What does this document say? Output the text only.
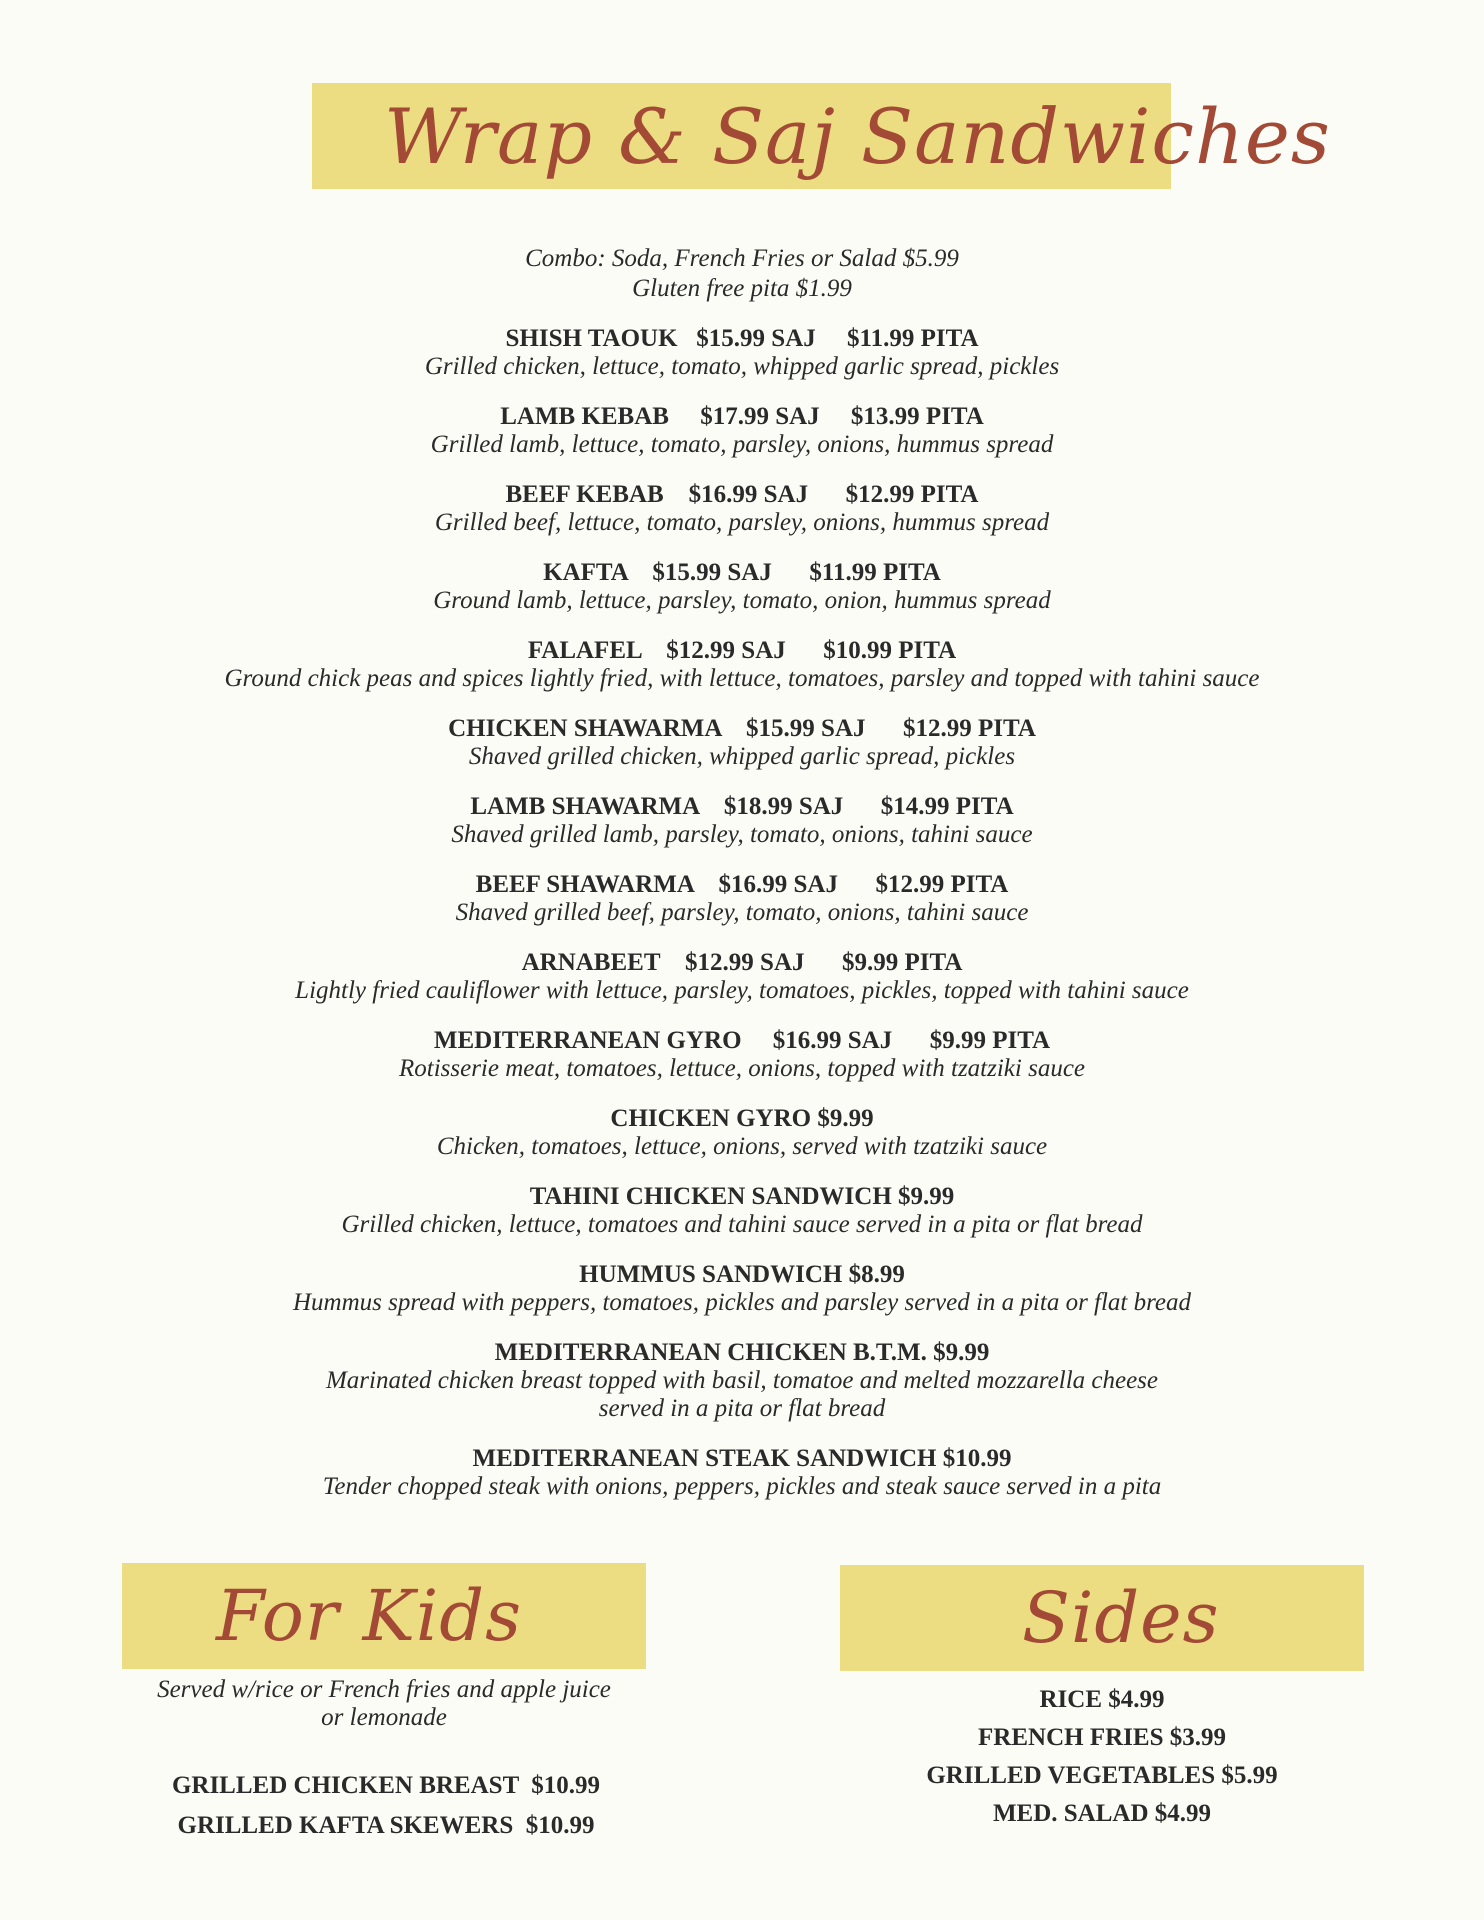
Wrap & Saj Sandwiches
Combo: Soda, French Fries or Salad $5.99
Gluten free pita $1.99
SHISH TAOUK   $15.99 SAJ     $11.99 PITA
Grilled chicken, lettuce, tomato, whipped garlic spread, pickles
LAMB KEBAB     $17.99 SAJ     $13.99 PITA
Grilled lamb, lettuce, tomato, parsley, onions, hummus spread
BEEF KEBAB    $16.99 SAJ      $12.99 PITA
Grilled beef, lettuce, tomato, parsley, onions, hummus spread
KAFTA    $15.99 SAJ      $11.99 PITA
Ground lamb, lettuce, parsley, tomato, onion, hummus spread
FALAFEL    $12.99 SAJ      $10.99 PITA
Ground chick peas and spices lightly fried, with lettuce, tomatoes, parsley and topped with tahini sauce
CHICKEN SHAWARMA    $15.99 SAJ      $12.99 PITA
Shaved grilled chicken, whipped garlic spread, pickles
LAMB SHAWARMA    $18.99 SAJ      $14.99 PITA
Shaved grilled lamb, parsley, tomato, onions, tahini sauce
BEEF SHAWARMA    $16.99 SAJ      $12.99 PITA
Shaved grilled beef, parsley, tomato, onions, tahini sauce
ARNABEET    $12.99 SAJ      $9.99 PITA
Lightly fried cauliflower with lettuce, parsley, tomatoes, pickles, topped with tahini sauce
MEDITERRANEAN GYRO     $16.99 SAJ      $9.99 PITA
Rotisserie meat, tomatoes, lettuce, onions, topped with tzatziki sauce
CHICKEN GYRO $9.99
Chicken, tomatoes, lettuce, onions, served with tzatziki sauce
TAHINI CHICKEN SANDWICH $9.99
Grilled chicken, lettuce, tomatoes and tahini sauce served in a pita or flat bread
HUMMUS SANDWICH $8.99
Hummus spread with peppers, tomatoes, pickles and parsley served in a pita or flat bread
MEDITERRANEAN CHICKEN B.T.M. $9.99
Marinated chicken breast topped with basil, tomatoe and melted mozzarella cheese
served in a pita or flat bread
MEDITERRANEAN STEAK SANDWICH $10.99
Tender chopped steak with onions, peppers, pickles and steak sauce served in a pita
For Kids
Served w/rice or French fries and apple juice
or lemonade
GRILLED CHICKEN BREAST  $10.99
GRILLED KAFTA SKEWERS  $10.99
Sides
RICE $4.99
FRENCH FRIES $3.99
GRILLED VEGETABLES $5.99
MED. SALAD $4.99
